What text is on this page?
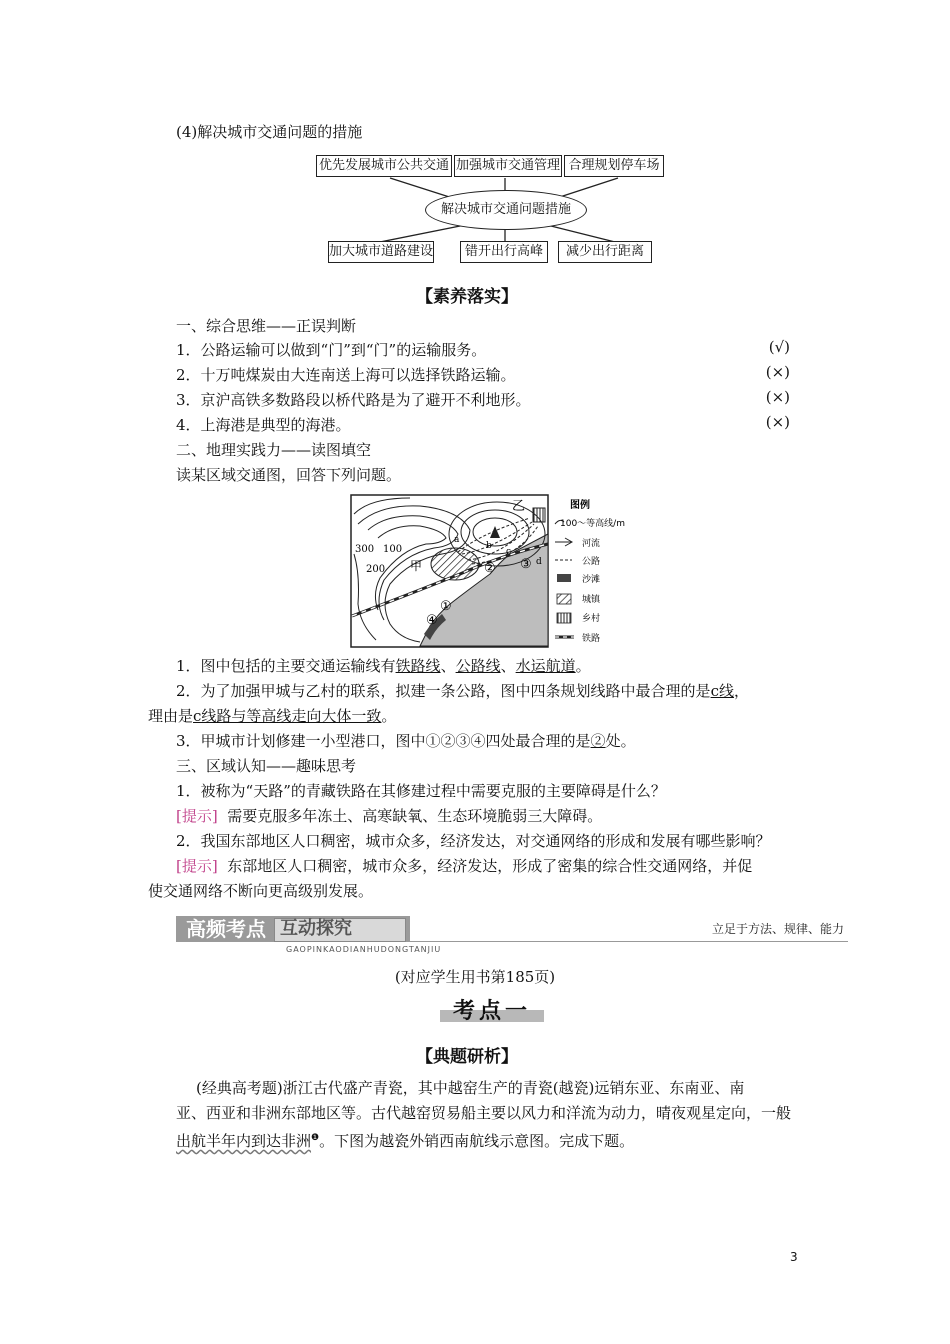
(4)解决城市交通问题的措施
优先发展城市公共交通 加强城市交通管理 合理规划停车场
解决城市交通问题措施
加大城市道路建设	错开出行高峰	减少出行距离
【素养落实】
一、综合思维——正误判断
1．公路运输可以做到“门”到“门”的运输服务。	(√)
2．十万吨煤炭由大连南送上海可以选择铁路运输。	(×)
3．京沪高铁多数路段以桥代路是为了避开不利地形。	(×)
4．上海港是典型的海港。	(×)
二、地理实践力——读图填空
读某区域交通图，回答下列问题。
乙
300 100
200 甲
a
b
c
d
①
② ③
④
图例
100～等高线/m
河流
公路
沙滩
城镇
乡村
铁路
1．图中包括的主要交通运输线有铁路线、公路线、水运航道。
2．为了加强甲城与乙村的联系，拟建一条公路，图中四条规划线路中最合理的是c线，
理由是c线路与等高线走向大体一致。
3．甲城市计划修建一小型港口，图中①②③④四处最合理的是②处。
三、区域认知——趣味思考
1．被称为“天路”的青藏铁路在其修建过程中需要克服的主要障碍是什么？
[提示] 需要克服多年冻土、高寒缺氧、生态环境脆弱三大障碍。
2．我国东部地区人口稠密，城市众多，经济发达，对交通网络的形成和发展有哪些影响？
[提示] 东部地区人口稠密，城市众多，经济发达，形成了密集的综合性交通网络，并促
使交通网络不断向更高级别发展。
高频考点 互动探究
GAOPINKAODIANHUDONGTANJIU
立足于方法、规律、能力
(对应学生用书第185页)
考点一
【典题研析】
(经典高考题)浙江古代盛产青瓷，其中越窑生产的青瓷(越瓷)远销东亚、东南亚、南
亚、西亚和非洲东部地区等。古代越窑贸易船主要以风力和洋流为动力，晴夜观星定向，一般
出航半年内到达非洲$^❶$。下图为越瓷外销西南航线示意图。完成下题。
3
